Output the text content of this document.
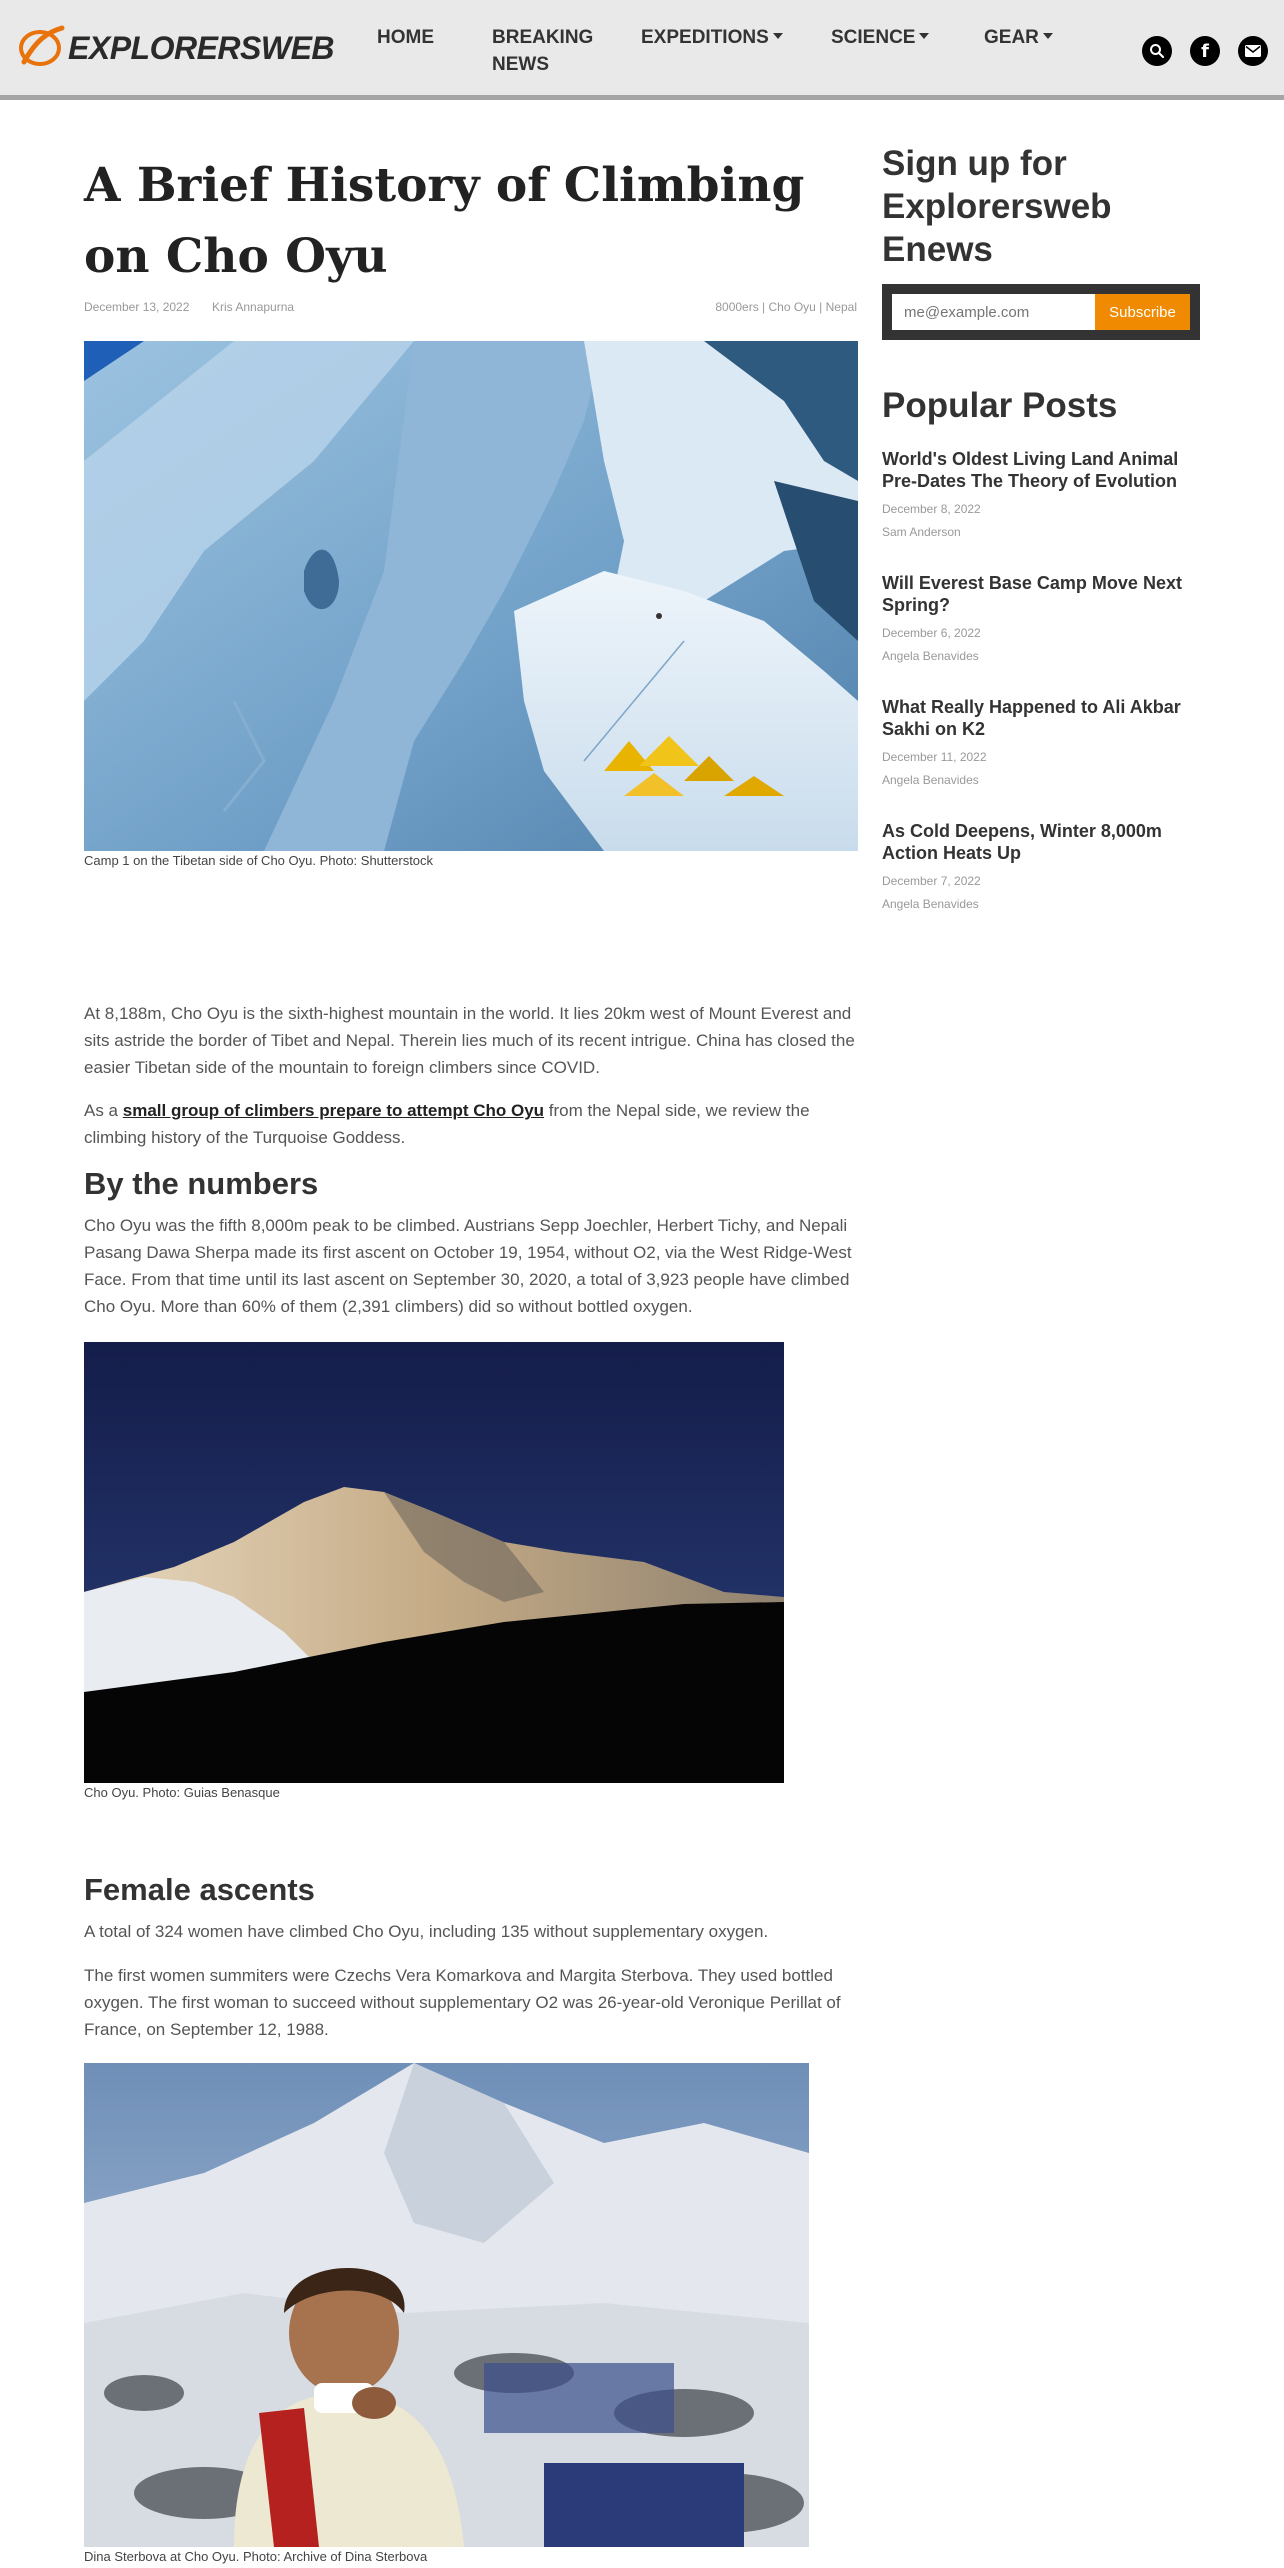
EXPLORERSWEB HOME	BREAKING
NEWS
EXPEDITIONS	SCIENCE	GEAR
f
A Brief History of Climbing on Cho Oyu
December 13, 2022 Kris Annapurna	8000ers | Cho Oyu | Nepal
Camp 1 on the Tibetan side of Cho Oyu. Photo: Shutterstock

At 8,188m, Cho Oyu is the sixth-highest mountain in the world. It lies 20km west of Mount Everest and sits astride the border of Tibet and Nepal. Therein lies much of its recent intrigue. China has closed the easier Tibetan side of the mountain to foreign climbers since COVID.

As a small group of climbers prepare to attempt Cho Oyu from the Nepal side, we review the climbing history of the Turquoise Goddess.

By the numbers

Cho Oyu was the fifth 8,000m peak to be climbed. Austrians Sepp Joechler, Herbert Tichy, and Nepali Pasang Dawa Sherpa made its first ascent on October 19, 1954, without O2, via the West Ridge-West Face. From that time until its last ascent on September 30, 2020, a total of 3,923 people have climbed Cho Oyu. More than 60% of them (2,391 climbers) did so without bottled oxygen.

Cho Oyu. Photo: Guias Benasque
Female ascents

A total of 324 women have climbed Cho Oyu, including 135 without supplementary oxygen.

The first women summiters were Czechs Vera Komarkova and Margita Sterbova. They used bottled oxygen. The first woman to succeed without supplementary O2 was 26-year-old Veronique Perillat of France, on September 12, 1988.

Dina Sterbova at Cho Oyu. Photo: Archive of Dina Sterbova
Sign up for Explorersweb Enews
me@example.com
Subscribe
Popular Posts
World's Oldest Living Land Animal Pre-Dates The Theory of Evolution
December 8, 2022
Sam Anderson
Will Everest Base Camp Move Next Spring?
December 6, 2022
Angela Benavides
What Really Happened to Ali Akbar Sakhi on K2
December 11, 2022
Angela Benavides
As Cold Deepens, Winter 8,000m Action Heats Up
December 7, 2022
Angela Benavides
